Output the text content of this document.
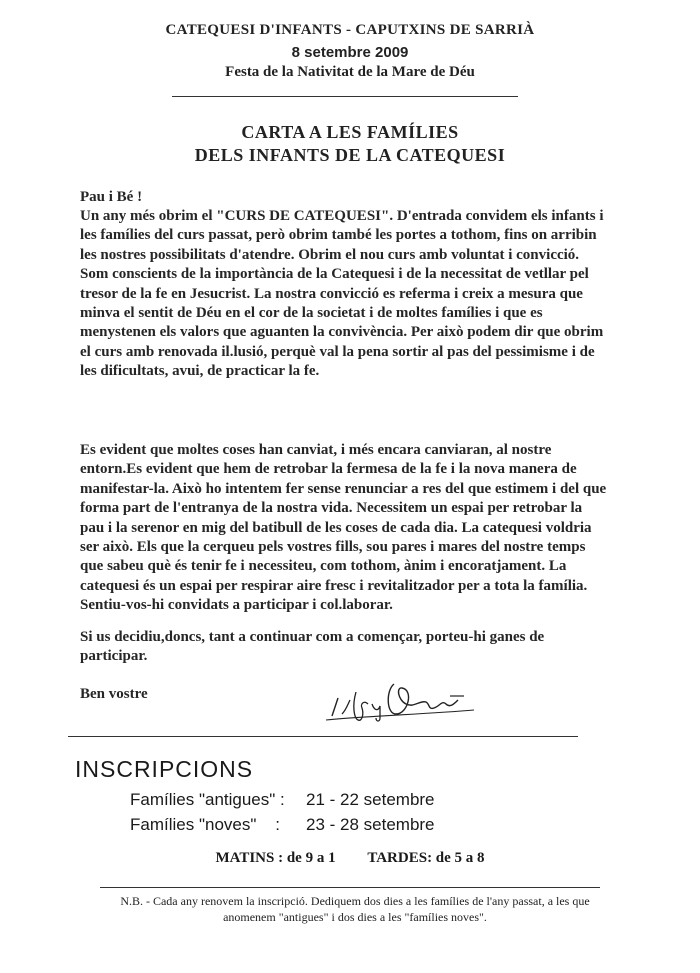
CATEQUESI D'INFANTS - CAPUTXINS DE SARRIÀ
8 setembre 2009
Festa de la Nativitat de la Mare de Déu
CARTA A LES FAMÍLIES
DELS INFANTS DE LA CATEQUESI
Pau i Bé !
Un any més obrim el "CURS DE CATEQUESI". D'entrada convidem els infants i les famílies del curs passat, però obrim també les portes a tothom, fins on arribin les nostres possibilitats d'atendre. Obrim el nou curs amb voluntat i convicció. Som conscients de la importància de la Catequesi i de la necessitat de vetllar pel tresor de la fe en Jesucrist. La nostra convicció es referma i creix a mesura que minva el sentit de Déu en el cor de la societat i de moltes famílies i que es menystenen els valors que aguanten la convivència. Per això podem dir que obrim el curs amb renovada il.lusió, perquè val la pena sortir al pas del pessimisme i de les dificultats, avui, de practicar la fe.
Es evident que moltes coses han canviat, i més encara canviaran, al nostre entorn.Es evident que hem de retrobar la fermesa de la fe i la nova manera de manifestar-la. Això ho intentem fer sense renunciar a res del que estimem i del que forma part de l'entranya de la nostra vida. Necessitem un espai per retrobar la pau i la serenor en mig del batibull de les coses de cada dia. La catequesi voldria ser això. Els que la cerqueu pels vostres fills, sou pares i mares del nostre temps que sabeu què és tenir fe i necessiteu, com tothom, ànim i encoratjament. La catequesi és un espai per respirar aire fresc i revitalitzador per a tota la família. Sentiu-vos-hi convidats a participar i col.laborar.
Si us decidiu,doncs, tant a continuar com a començar, porteu-hi ganes de participar.
Ben vostre
INSCRIPCIONS
Famílies "antigues" : 21 - 22 setembre
Famílies "noves"    : 23 - 28 setembre
MATINS : de 9 a 1 TARDES: de 5 a 8
N.B. - Cada any renovem la inscripció. Dediquem dos dies a les famílies de l'any passat, a les que anomenem "antigues" i dos dies a les "famílies noves".
